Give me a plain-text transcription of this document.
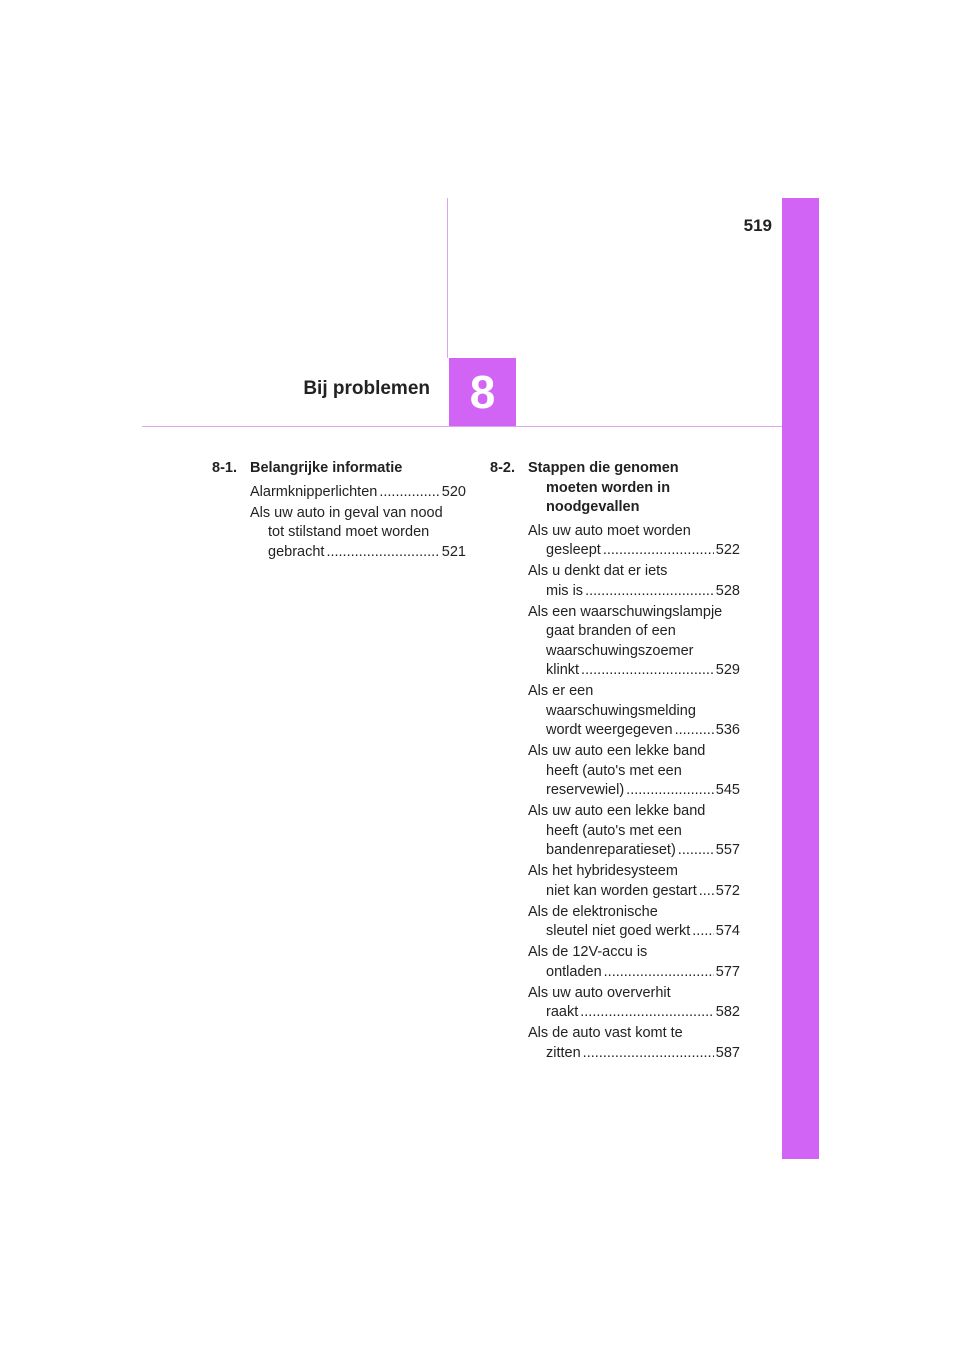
8
519
Bij problemen
8-1. Belangrijke informatie
Alarmknipperlichten .....	520
Als uw auto in geval van nood
tot stilstand moet worden
gebracht .....	521
8-2. Stappen die genomen
moeten worden in
noodgevallen
Als uw auto moet worden
gesleept .....	522
Als u denkt dat er iets
mis is .....	528
Als een waarschuwingslampje
gaat branden of een
waarschuwingszoemer
klinkt .....	529
Als er een
waarschuwingsmelding
wordt weergegeven .....	536
Als uw auto een lekke band
heeft (auto's met een
reservewiel) .....	545
Als uw auto een lekke band
heeft (auto's met een
bandenreparatieset) .....	557
Als het hybridesysteem
niet kan worden gestart ..... 572
Als de elektronische
sleutel niet goed werkt ..... 574
Als de 12V-accu is
ontladen .....	577
Als uw auto oververhit
raakt .....	582
Als de auto vast komt te
zitten .....	587
